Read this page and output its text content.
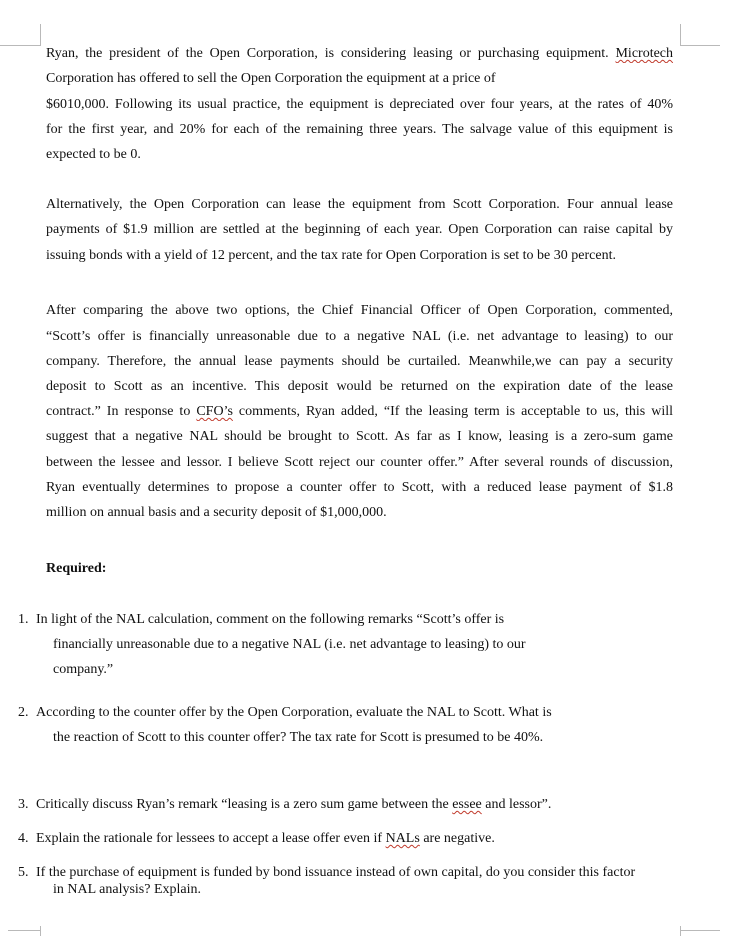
Ryan, the president of the Open Corporation, is considering leasing or purchasing equipment. Microtech
Corporation has offered to sell the Open Corporation the equipment at a price of
$6010,000. Following its usual practice, the equipment is depreciated over four years, at the rates of 40%
for the first year, and 20% for each of the remaining three years. The salvage value of this equipment is
expected to be 0.
Alternatively, the Open Corporation can lease the equipment from Scott Corporation. Four annual lease
payments of $1.9 million are settled at the beginning of each year. Open Corporation can raise capital by
issuing bonds with a yield of 12 percent, and the tax rate for Open Corporation is set to be 30 percent.
After comparing the above two options, the Chief Financial Officer of Open Corporation, commented,
“Scott’s offer is financially unreasonable due to a negative NAL (i.e. net advantage to leasing) to our
company. Therefore, the annual lease payments should be curtailed. Meanwhile,we can pay a security
deposit to Scott as an incentive. This deposit would be returned on the expiration date of the lease
contract.” In response to CFO’s comments, Ryan added, “If the leasing term is acceptable to us, this will
suggest that a negative NAL should be brought to Scott. As far as I know, leasing is a zero-sum game
between the lessee and lessor. I believe Scott reject our counter offer.” After several rounds of discussion,
Ryan eventually determines to propose a counter offer to Scott, with a reduced lease payment of $1.8
million on annual basis and a security deposit of $1,000,000.
Required:
1. In light of the NAL calculation, comment on the following remarks “Scott’s offer is
financially unreasonable due to a negative NAL (i.e. net advantage to leasing) to our
company.”
2. According to the counter offer by the Open Corporation, evaluate the NAL to Scott. What is
the reaction of Scott to this counter offer? The tax rate for Scott is presumed to be 40%.
3. Critically discuss Ryan’s remark “leasing is a zero sum game between the essee and lessor”.
4. Explain the rationale for lessees to accept a lease offer even if NALs are negative.
5. If the purchase of equipment is funded by bond issuance instead of own capital, do you consider this factor
in NAL analysis? Explain.
